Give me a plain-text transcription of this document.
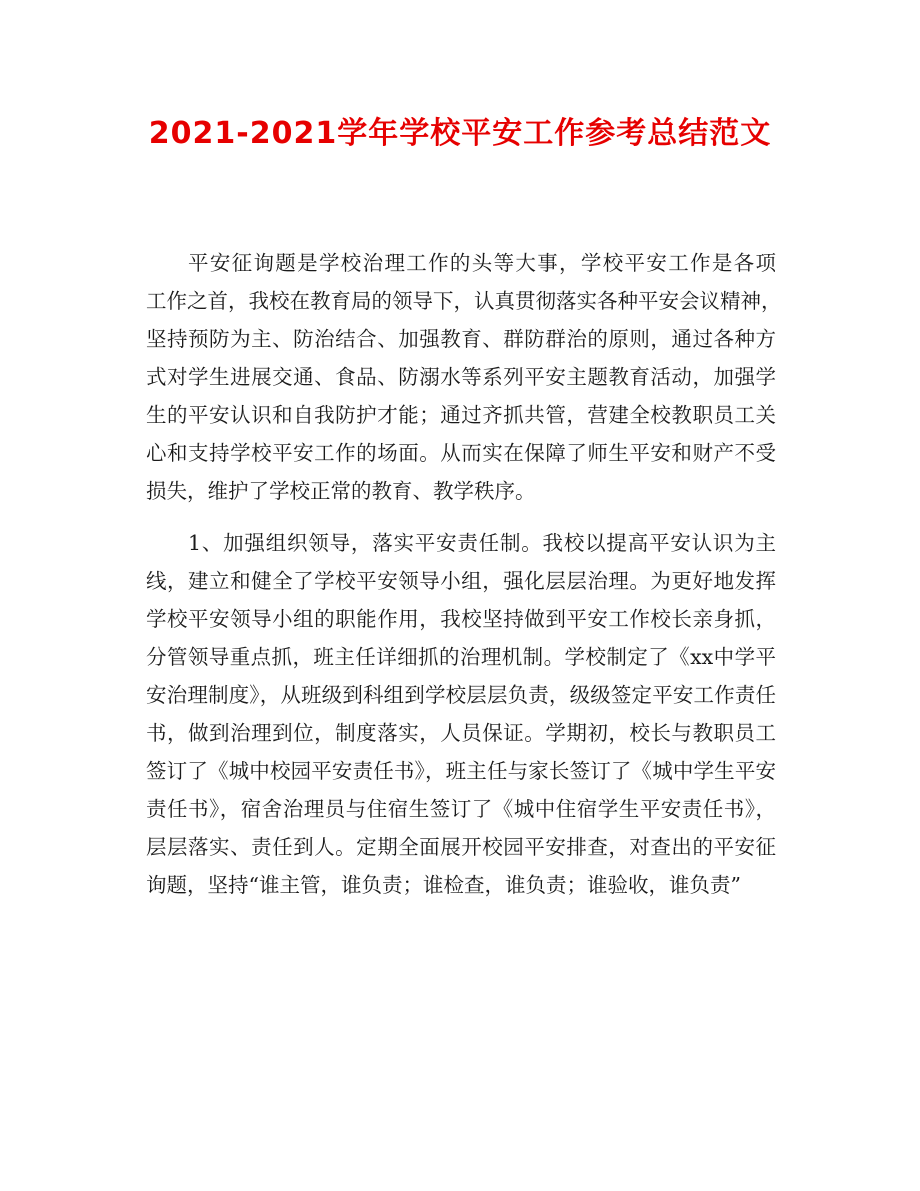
2021-2021学年学校平安工作参考总结范文
平安征询题是学校治理工作的头等大事，学校平安工作是各项
工作之首，我校在教育局的领导下，认真贯彻落实各种平安会议精神，
坚持预防为主、防治结合、加强教育、群防群治的原则，通过各种方
式对学生进展交通、食品、防溺水等系列平安主题教育活动，加强学
生的平安认识和自我防护才能；通过齐抓共管，营建全校教职员工关
心和支持学校平安工作的场面。从而实在保障了师生平安和财产不受
损失，维护了学校正常的教育、教学秩序。
1、加强组织领导，落实平安责任制。我校以提高平安认识为主
线，建立和健全了学校平安领导小组，强化层层治理。为更好地发挥
学校平安领导小组的职能作用，我校坚持做到平安工作校长亲身抓，
分管领导重点抓，班主任详细抓的治理机制。学校制定了《xx中学平
安治理制度》，从班级到科组到学校层层负责，级级签定平安工作责任
书，做到治理到位，制度落实，人员保证。学期初，校长与教职员工
签订了《城中校园平安责任书》，班主任与家长签订了《城中学生平安
责任书》，宿舍治理员与住宿生签订了《城中住宿学生平安责任书》，
层层落实、责任到人。定期全面展开校园平安排查，对查出的平安征
询题，坚持“谁主管，谁负责；谁检查，谁负责；谁验收，谁负责”
